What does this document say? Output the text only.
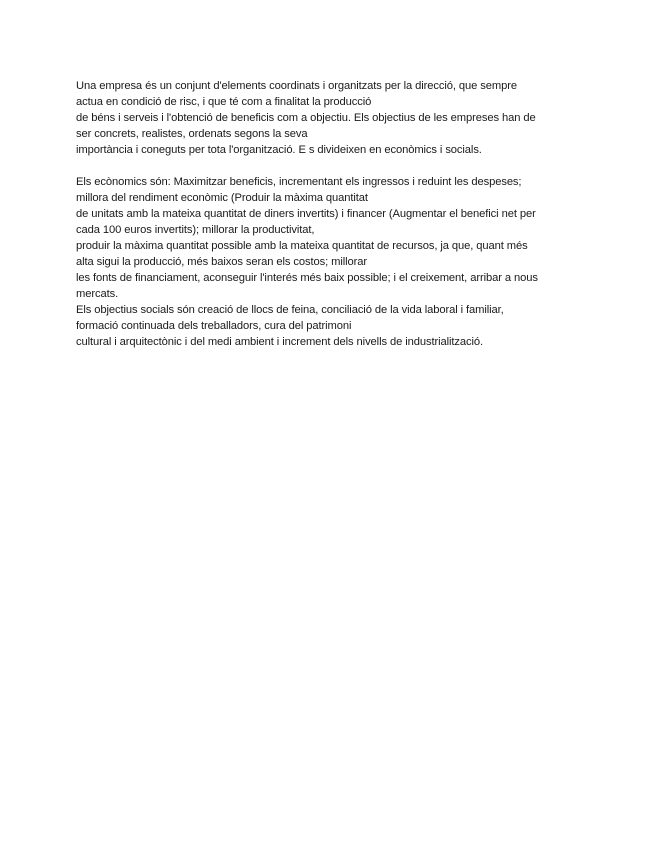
Una empresa és un conjunt d'elements coordinats i organitzats per la direcció, que sempre
actua en condició de risc, i que té com a finalitat la producció
de béns i serveis i l'obtenció de beneficis com a objectiu. Els objectius de les empreses han de
ser concrets, realistes, ordenats segons la seva
importància i coneguts per tota l'organització. E s divideixen en econòmics i socials.
Els ecònomics són: Maximitzar beneficis, incrementant els ingressos i reduint les despeses;
millora del rendiment econòmic (Produir la màxima quantitat
de unitats amb la mateixa quantitat de diners invertits) i financer (Augmentar el benefici net per
cada 100 euros invertits); millorar la productivitat,
produir la màxima quantitat possible amb la mateixa quantitat de recursos, ja que, quant més
alta sigui la producció, més baixos seran els costos; millorar
les fonts de financiament, aconseguir l'interés més baix possible; i el creixement, arribar a nous
mercats.
Els objectius socials són creació de llocs de feina, conciliació de la vida laboral i familiar,
formació continuada dels treballadors, cura del patrimoni
cultural i arquitectònic i del medi ambient i increment dels nivells de industrialització.
